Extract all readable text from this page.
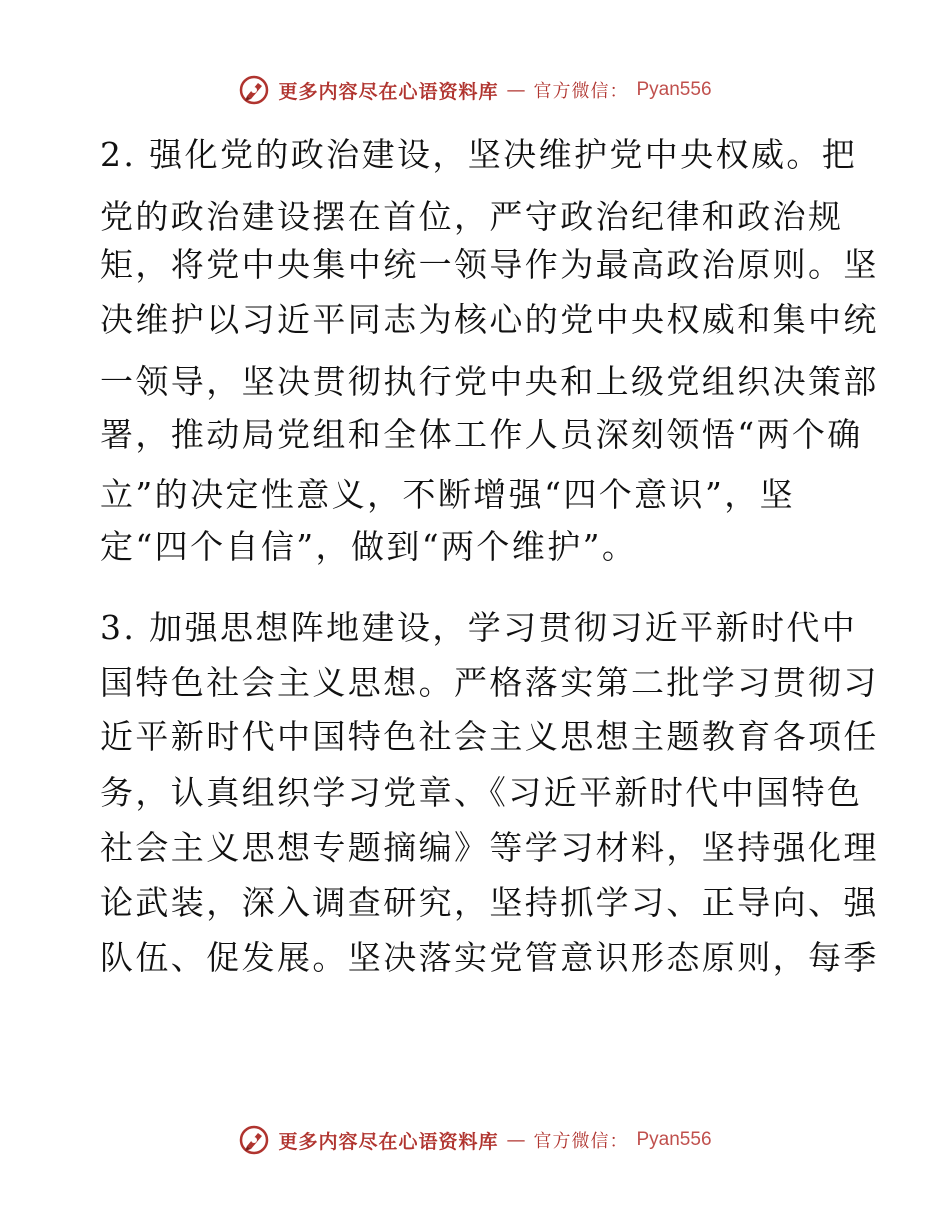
更多内容尽在心语资料库 — 官方微信： Pyan556
2. 强化党的政治建设，坚决维护党中央权威。把
党的政治建设摆在首位，严守政治纪律和政治规
矩，将党中央集中统一领导作为最高政治原则。坚
决维护以习近平同志为核心的党中央权威和集中统
一领导，坚决贯彻执行党中央和上级党组织决策部
署，推动局党组和全体工作人员深刻领悟“两个确
立”的决定性意义，不断增强“四个意识”，坚
定“四个自信”，做到“两个维护”。
3. 加强思想阵地建设，学习贯彻习近平新时代中
国特色社会主义思想。严格落实第二批学习贯彻习
近平新时代中国特色社会主义思想主题教育各项任
务，认真组织学习党章、《习近平新时代中国特色
社会主义思想专题摘编》等学习材料，坚持强化理
论武装，深入调查研究，坚持抓学习、正导向、强
队伍、促发展。坚决落实党管意识形态原则，每季
更多内容尽在心语资料库 — 官方微信： Pyan556
